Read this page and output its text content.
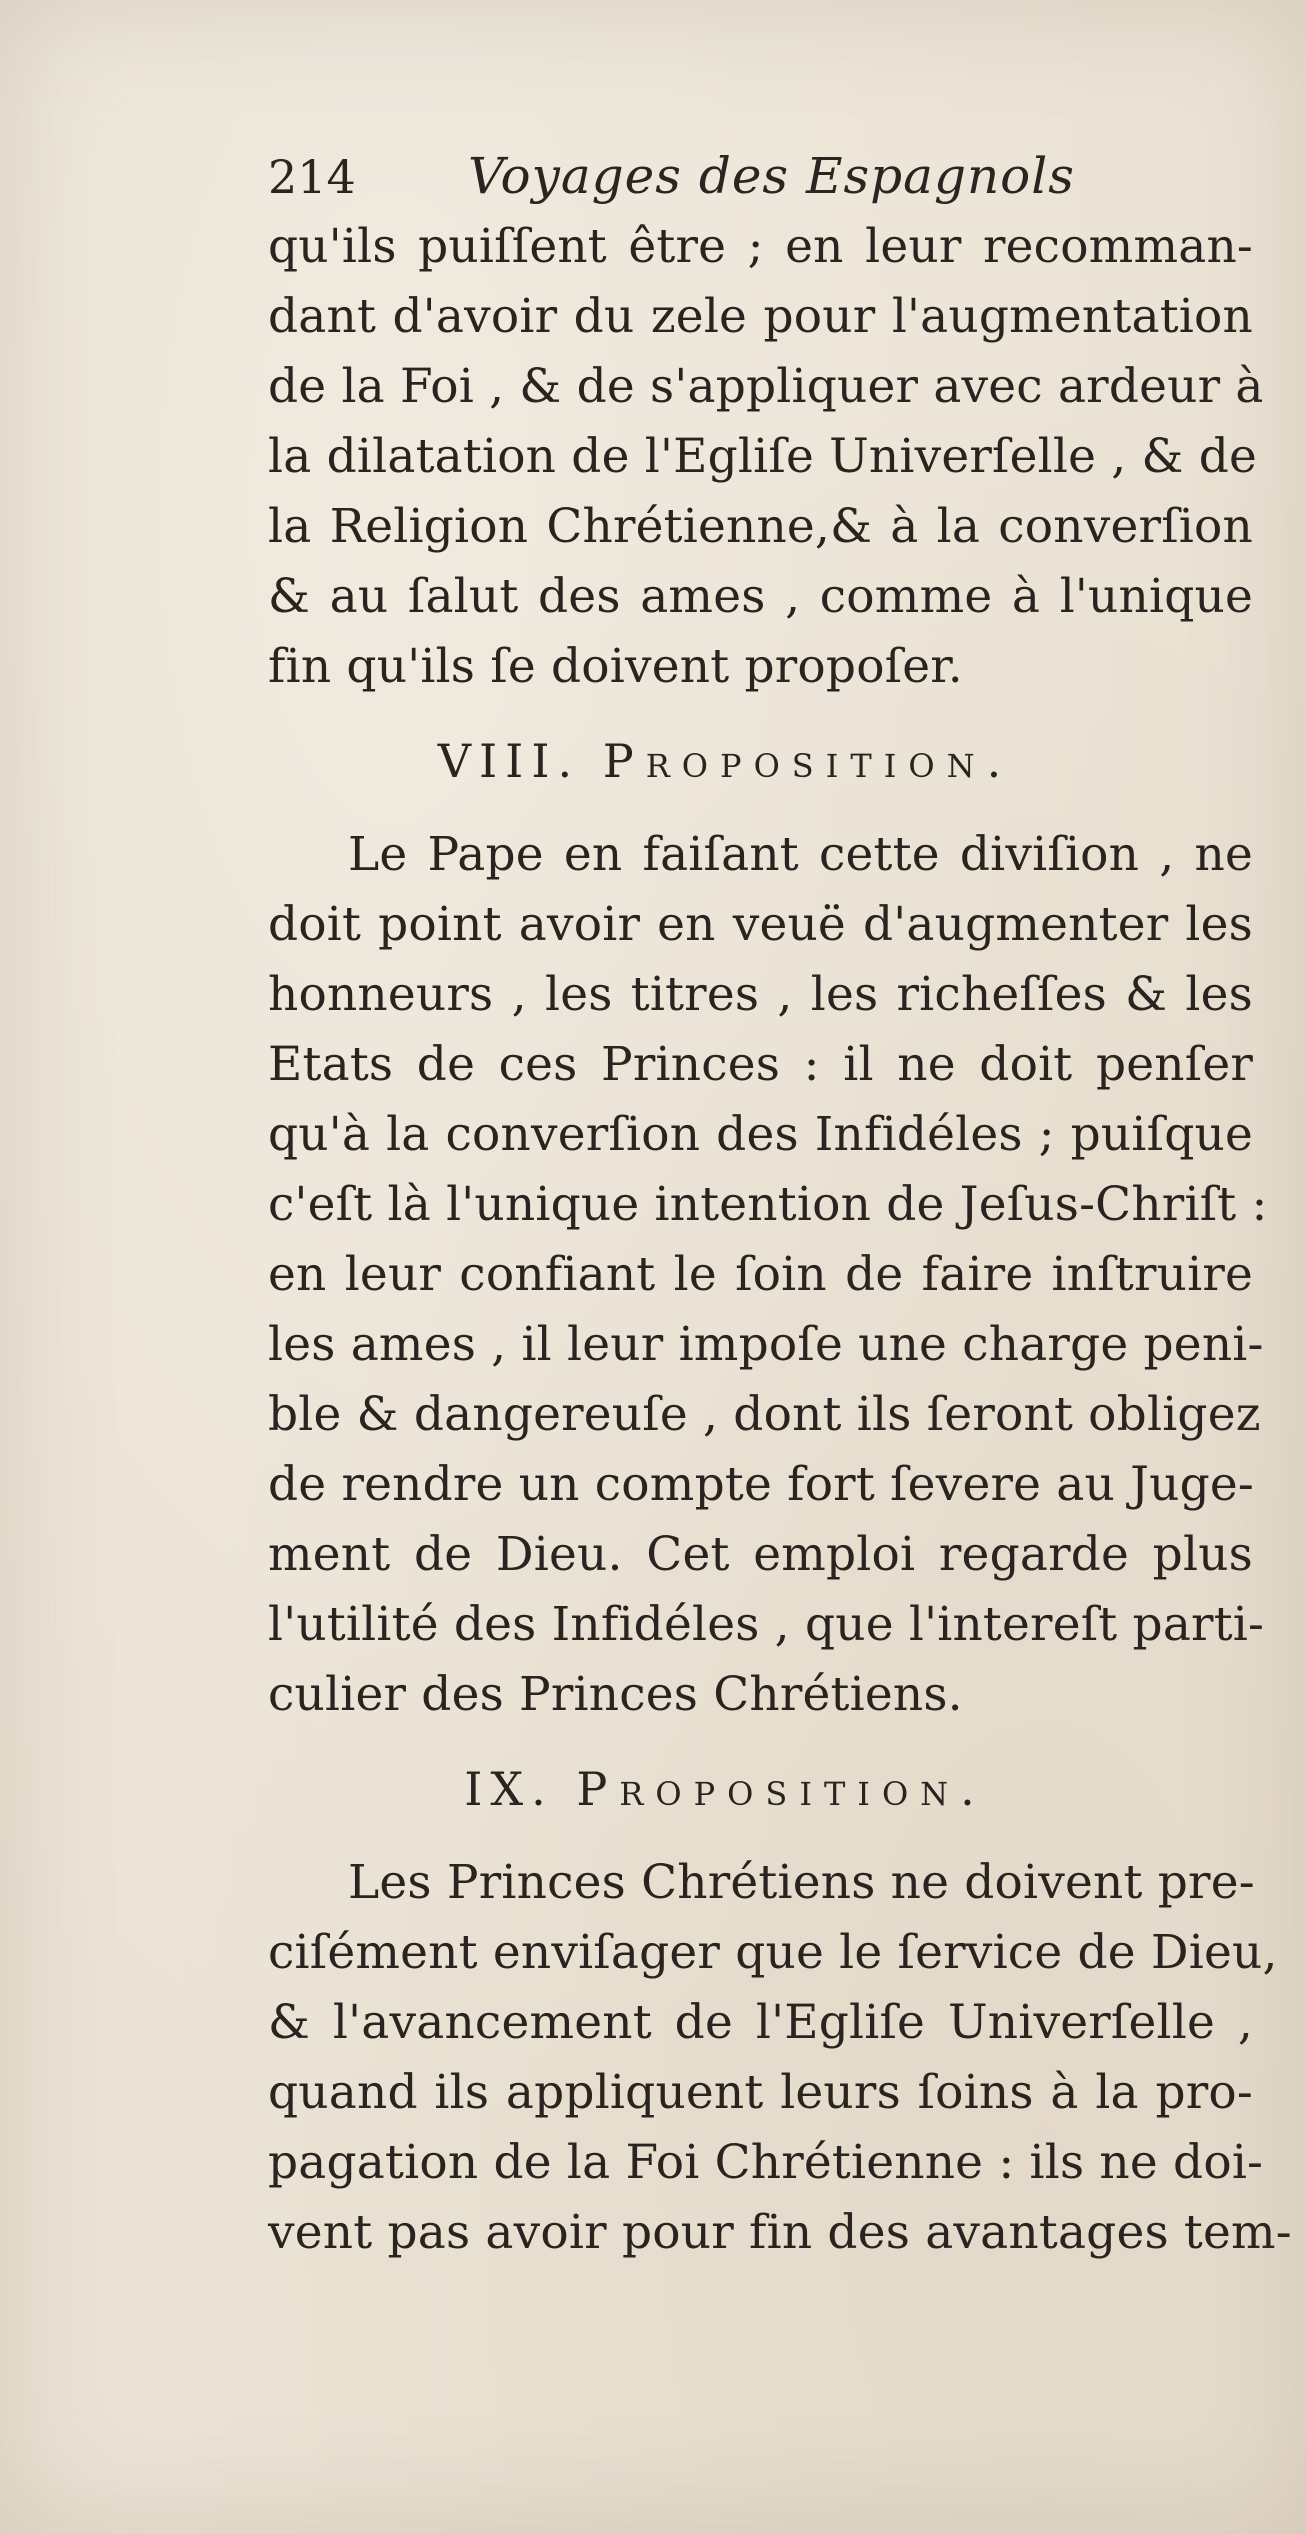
214	Voyages des Espagnols
qu'ils puiſſent être ; en leur recomman-
dant d'avoir du zele pour l'augmentation
de la Foi , & de s'appliquer avec ardeur à
la dilatation de l'Egliſe Univerſelle , & de
la Religion Chrétienne,& à la converſion
& au ſalut des ames , comme à l'unique
fin qu'ils ſe doivent propoſer.
VIII. Proposition.
Le Pape en faiſant cette diviſion , ne
doit point avoir en veuë d'augmenter les
honneurs , les titres , les richeſſes & les
Etats de ces Princes : il ne doit penſer
qu'à la converſion des Infidéles ; puiſque
c'eſt là l'unique intention de Jeſus-Chriſt :
en leur confiant le ſoin de faire inſtruire
les ames , il leur impoſe une charge peni-
ble & dangereuſe , dont ils ſeront obligez
de rendre un compte fort ſevere au Juge-
ment de Dieu. Cet emploi regarde plus
l'utilité des Infidéles , que l'intereſt parti-
culier des Princes Chrétiens.
IX. Proposition.
Les Princes Chrétiens ne doivent pre-
ciſément enviſager que le ſervice de Dieu,
& l'avancement de l'Egliſe Univerſelle ,
quand ils appliquent leurs ſoins à la pro-
pagation de la Foi Chrétienne : ils ne doi-
vent pas avoir pour fin des avantages tem-
